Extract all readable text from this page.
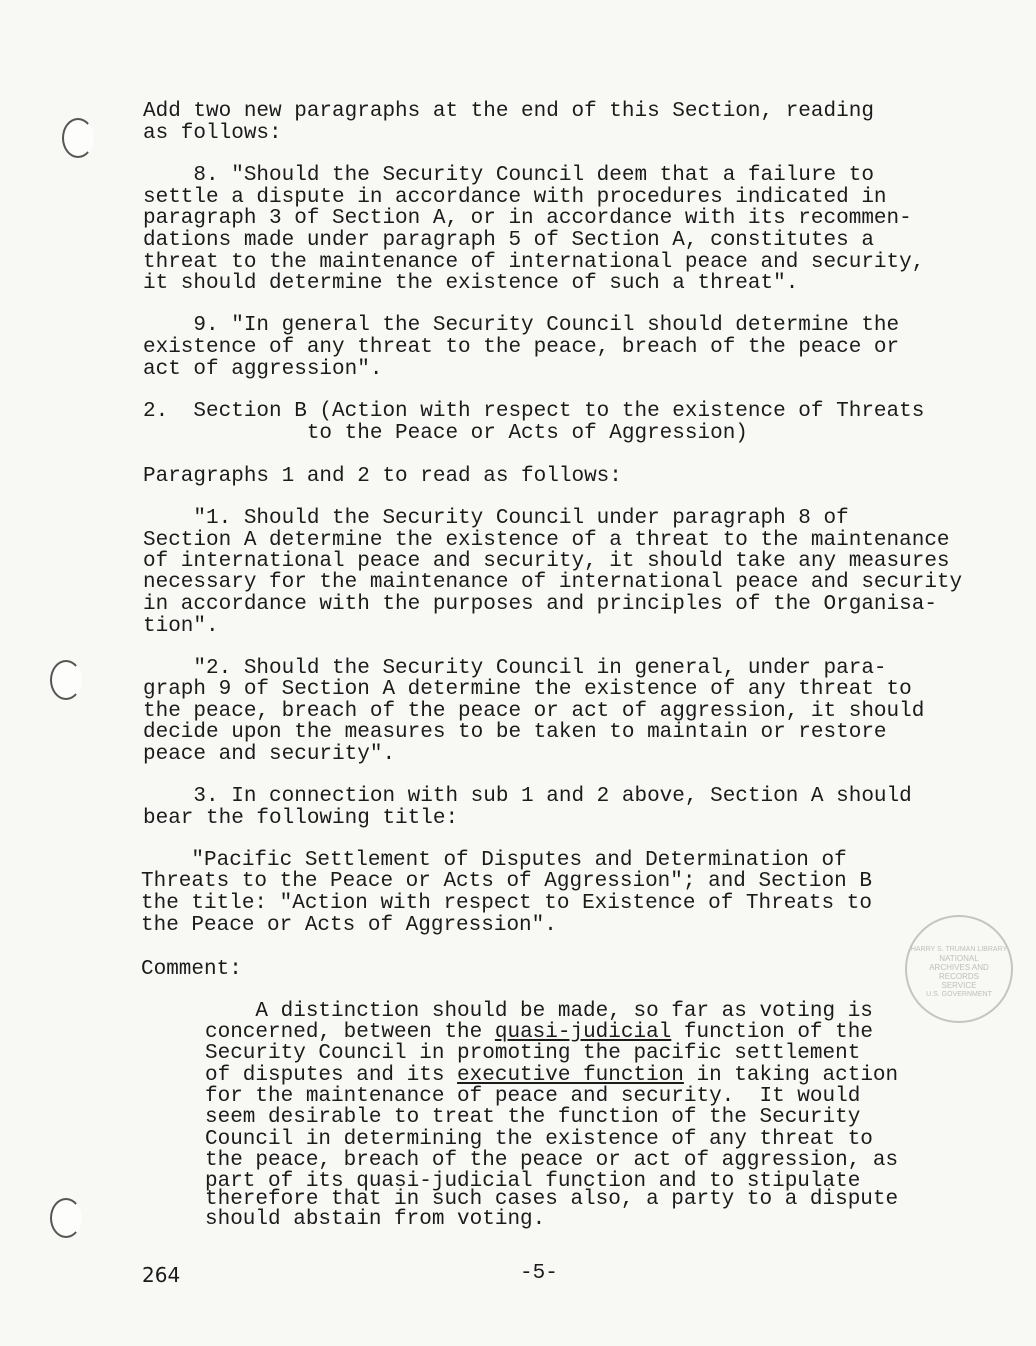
Add two new paragraphs at the end of this Section, reading

as follows:

8. "Should the Security Council deem that a failure to

settle a dispute in accordance with procedures indicated in

paragraph 3 of Section A, or in accordance with its recommen-

dations made under paragraph 5 of Section A, constitutes a

threat to the maintenance of international peace and security,

it should determine the existence of such a threat".

9. "In general the Security Council should determine the

existence of any threat to the peace, breach of the peace or

act of aggression".

2.  Section B (Action with respect to the existence of Threats

to the Peace or Acts of Aggression)

Paragraphs 1 and 2 to read as follows:

"1. Should the Security Council under paragraph 8 of

Section A determine the existence of a threat to the maintenance

of international peace and security, it should take any measures

necessary for the maintenance of international peace and security

in accordance with the purposes and principles of the Organisa-

tion".

"2. Should the Security Council in general, under para-

graph 9 of Section A determine the existence of any threat to

the peace, breach of the peace or act of aggression, it should

decide upon the measures to be taken to maintain or restore

peace and security".

3. In connection with sub 1 and 2 above, Section A should

bear the following title:

"Pacific Settlement of Disputes and Determination of

Threats to the Peace or Acts of Aggression"; and Section B

the title: "Action with respect to Existence of Threats to

the Peace or Acts of Aggression".

Comment:

A distinction should be made, so far as voting is

concerned, between the quasi-judicial function of the

Security Council in promoting the pacific settlement

of disputes and its executive function in taking action

for the maintenance of peace and security.  It would

seem desirable to treat the function of the Security

Council in determining the existence of any threat to

the peace, breach of the peace or act of aggression, as

part of its quasi-judicial function and to stipulate

therefore that in such cases also, a party to a dispute

should abstain from voting.

HARRY S. TRUMAN LIBRARY
NATIONAL
ARCHIVES AND
RECORDS
SERVICE
U.S. GOVERNMENT
264	-5-
